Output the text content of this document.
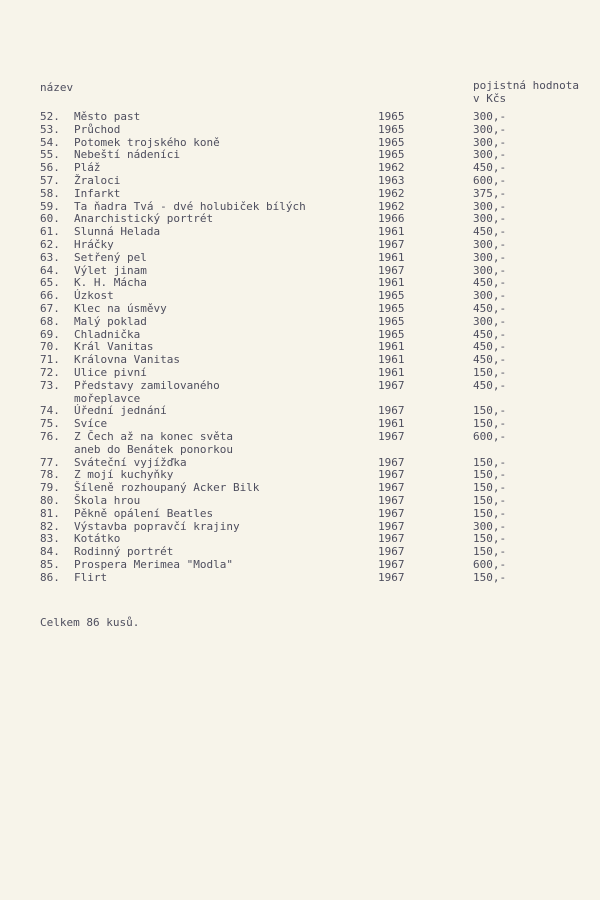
název	pojistná hodnota
v Kčs
52. Město past	1965	300,-
53. Průchod	1965	300,-
54. Potomek trojského koně	1965	300,-
55. Nebeští nádeníci	1965	300,-
56. Pláž	1962	450,-
57. Žraloci	1963	600,-
58. Infarkt	1962	375,-
59. Ta ňadra Tvá - dvé holubiček bílých	1962	300,-
60. Anarchistický portrét	1966	300,-
61. Slunná Helada	1961	450,-
62. Hráčky	1967	300,-
63. Setřený pel	1961	300,-
64. Výlet jinam	1967	300,-
65. K. H. Mácha	1961	450,-
66. Úzkost	1965	300,-
67. Klec na úsměvy	1965	450,-
68. Malý poklad	1965	300,-
69. Chladnička	1965	450,-
70. Král Vanitas	1961	450,-
71. Královna Vanitas	1961	450,-
72. Ulice pivní	1961	150,-
73. Představy zamilovaného
mořeplavce
1967	450,-
74. Úřední jednání	1967	150,-
75. Svíce	1961	150,-
76. Z Čech až na konec světa
aneb do Benátek ponorkou
1967	600,-
77. Sváteční vyjížďka	1967	150,-
78. Z mojí kuchyňky	1967	150,-
79. Šíleně rozhoupaný Acker Bilk	1967	150,-
80. Škola hrou	1967	150,-
81. Pěkně opálení Beatles	1967	150,-
82. Výstavba popravčí krajiny	1967	300,-
83. Kotátko	1967	150,-
84. Rodinný portrét	1967	150,-
85. Prospera Merimea "Modla"	1967	600,-
86. Flirt	1967	150,-
Celkem 86 kusů.
